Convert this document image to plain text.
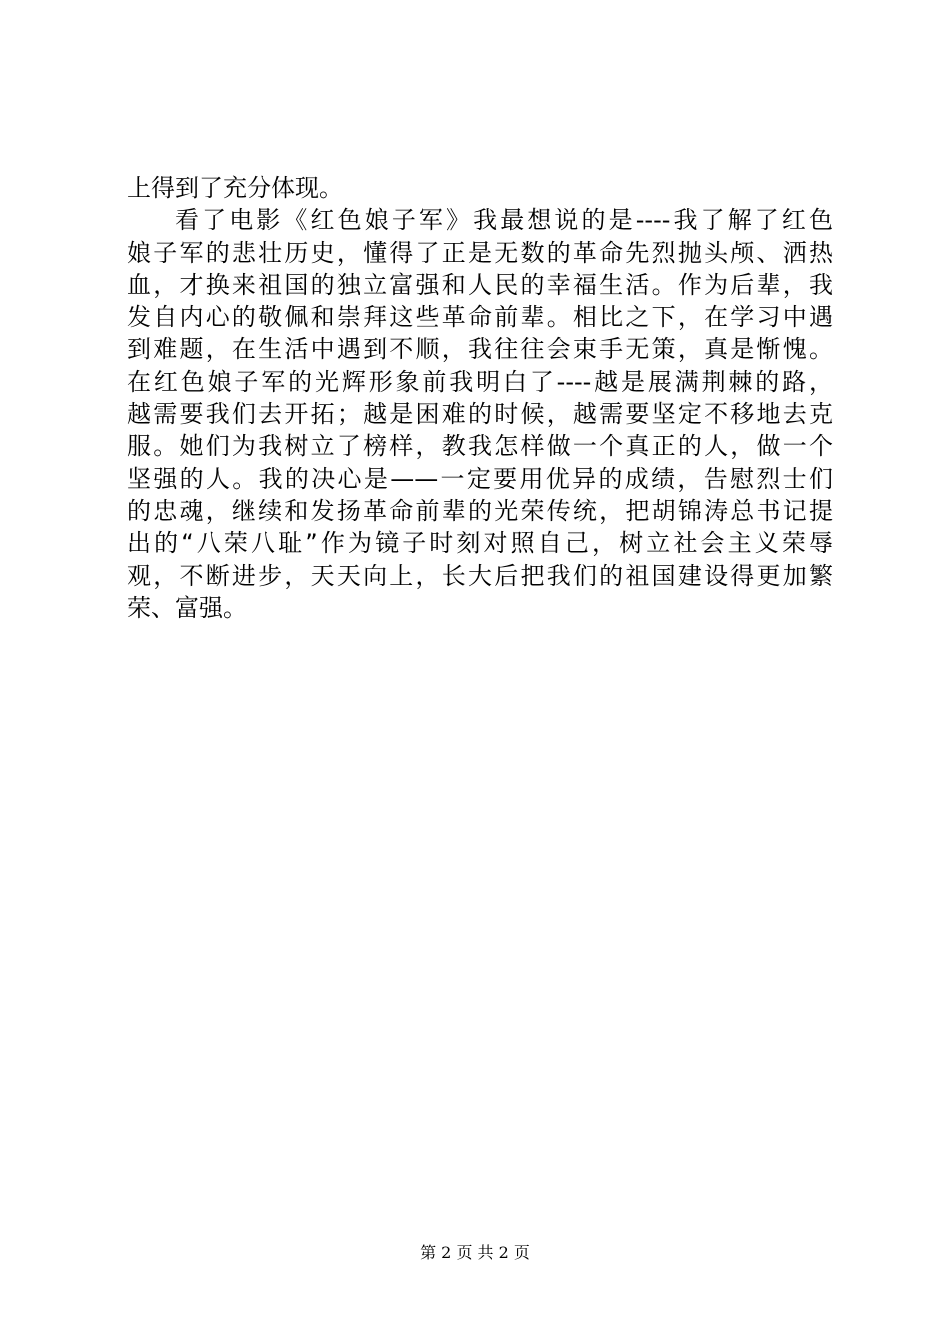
上得到了充分体现。
看了电影《红色娘子军》我最想说的是----我了解了红色
娘子军的悲壮历史，懂得了正是无数的革命先烈抛头颅、洒热
血，才换来祖国的独立富强和人民的幸福生活。作为后辈，我
发自内心的敬佩和崇拜这些革命前辈。相比之下，在学习中遇
到难题，在生活中遇到不顺，我往往会束手无策，真是惭愧。
在红色娘子军的光辉形象前我明白了----越是展满荆棘的路，
越需要我们去开拓；越是困难的时候，越需要坚定不移地去克
服。她们为我树立了榜样，教我怎样做一个真正的人，做一个
坚强的人。我的决心是——一定要用优异的成绩，告慰烈士们
的忠魂，继续和发扬革命前辈的光荣传统，把胡锦涛总书记提
出的“八荣八耻”作为镜子时刻对照自己，树立社会主义荣辱
观，不断进步，天天向上，长大后把我们的祖国建设得更加繁
荣、富强。
第 2 页 共 2 页
